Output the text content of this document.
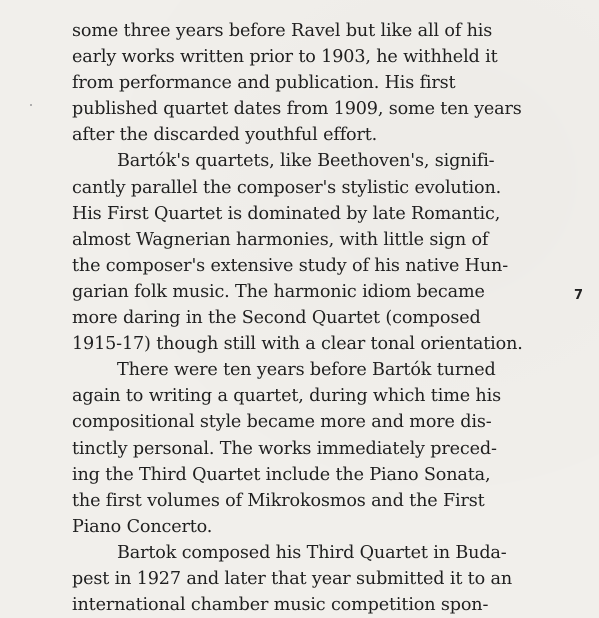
some three years before Ravel but like all of his
early works written prior to 1903, he withheld it
from performance and publication. His first
published quartet dates from 1909, some ten years
after the discarded youthful effort.
Bartók's quartets, like Beethoven's, signifi-
cantly parallel the composer's stylistic evolution.
His First Quartet is dominated by late Romantic,
almost Wagnerian harmonies, with little sign of
the composer's extensive study of his native Hun-
garian folk music. The harmonic idiom became
more daring in the Second Quartet (composed
1915-17) though still with a clear tonal orientation.
There were ten years before Bartók turned
again to writing a quartet, during which time his
compositional style became more and more dis-
tinctly personal. The works immediately preced-
ing the Third Quartet include the Piano Sonata,
the first volumes of Mikrokosmos and the First
Piano Concerto.
Bartok composed his Third Quartet in Buda-
pest in 1927 and later that year submitted it to an
international chamber music competition spon-
7
